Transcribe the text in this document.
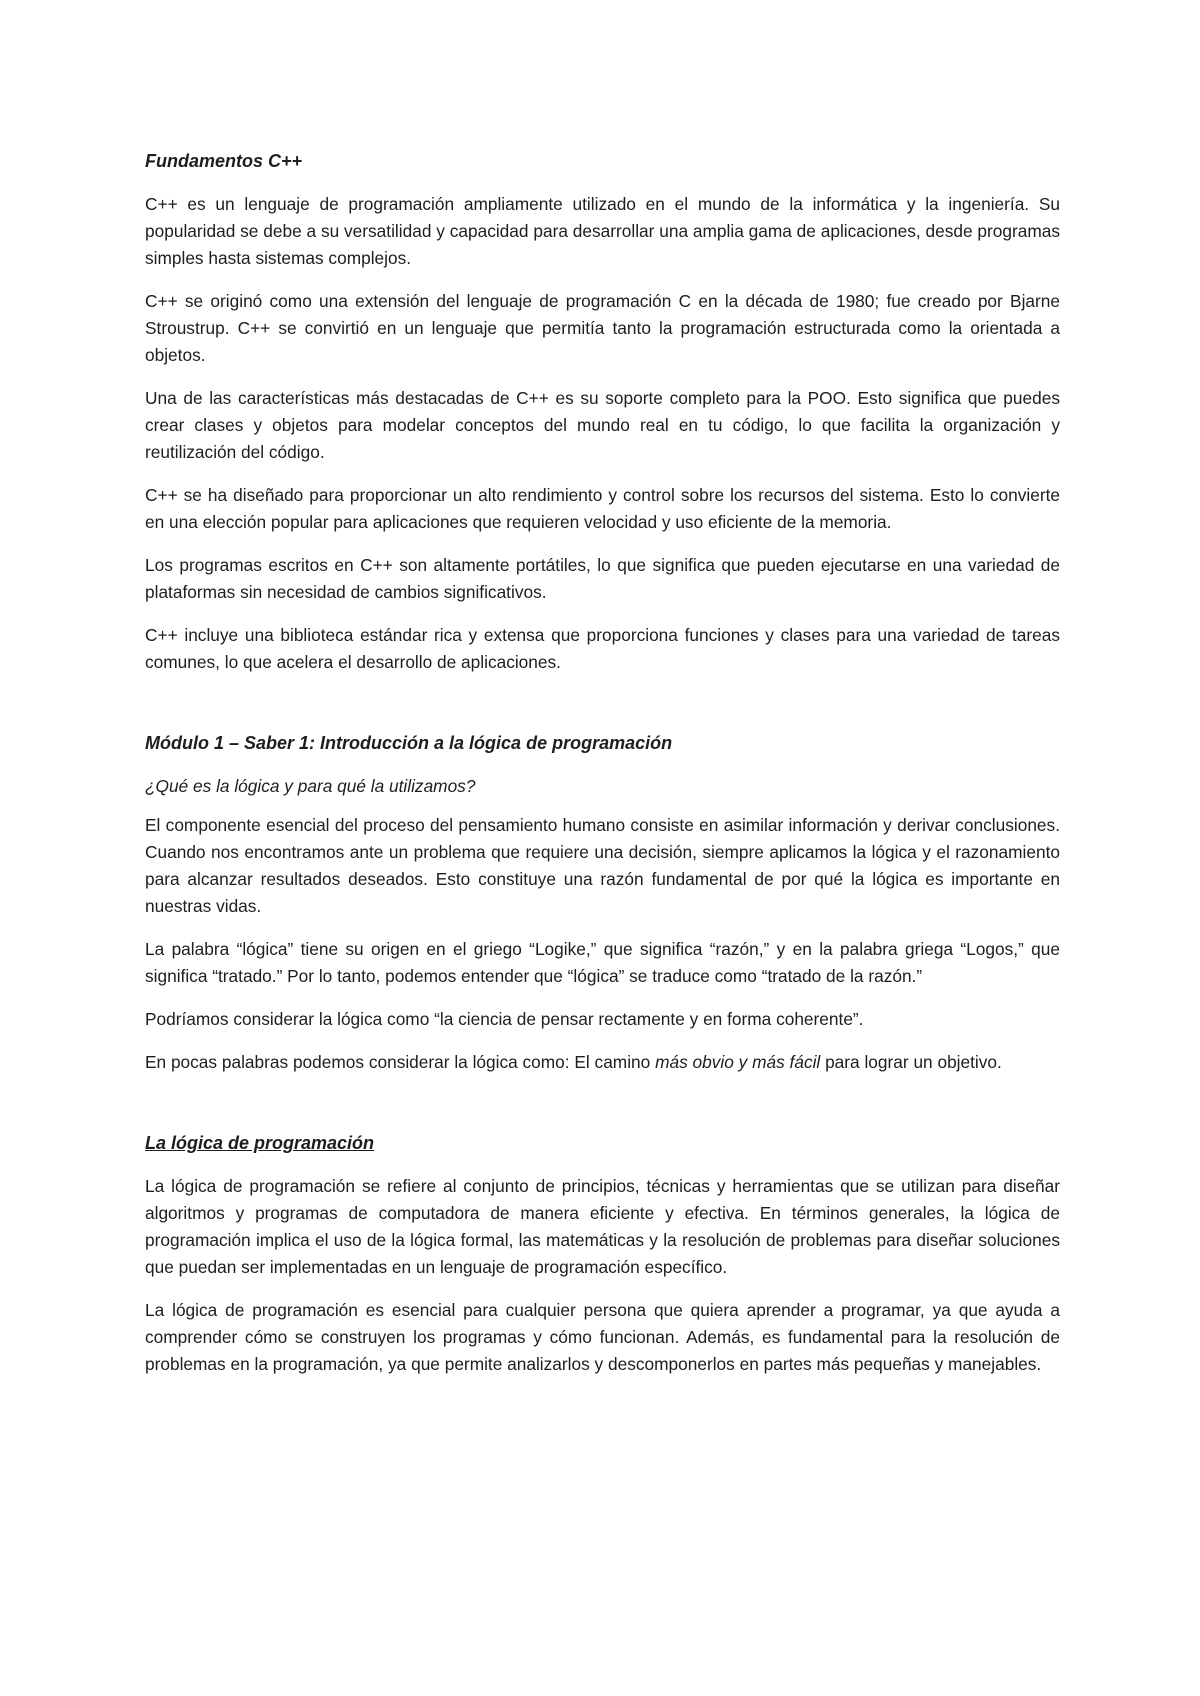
Fundamentos C++

C++ es un lenguaje de programación ampliamente utilizado en el mundo de la informática y la ingeniería. Su popularidad se debe a su versatilidad y capacidad para desarrollar una amplia gama de aplicaciones, desde programas simples hasta sistemas complejos.

C++ se originó como una extensión del lenguaje de programación C en la década de 1980; fue creado por Bjarne Stroustrup. C++ se convirtió en un lenguaje que permitía tanto la programación estructurada como la orientada a objetos.

Una de las características más destacadas de C++ es su soporte completo para la POO. Esto significa que puedes crear clases y objetos para modelar conceptos del mundo real en tu código, lo que facilita la organización y reutilización del código.

C++ se ha diseñado para proporcionar un alto rendimiento y control sobre los recursos del sistema. Esto lo convierte en una elección popular para aplicaciones que requieren velocidad y uso eficiente de la memoria.

Los programas escritos en C++ son altamente portátiles, lo que significa que pueden ejecutarse en una variedad de plataformas sin necesidad de cambios significativos.

C++ incluye una biblioteca estándar rica y extensa que proporciona funciones y clases para una variedad de tareas comunes, lo que acelera el desarrollo de aplicaciones.

Módulo 1 – Saber 1: Introducción a la lógica de programación
¿Qué es la lógica y para qué la utilizamos?

El componente esencial del proceso del pensamiento humano consiste en asimilar información y derivar conclusiones. Cuando nos encontramos ante un problema que requiere una decisión, siempre aplicamos la lógica y el razonamiento para alcanzar resultados deseados. Esto constituye una razón fundamental de por qué la lógica es importante en nuestras vidas.

La palabra “lógica” tiene su origen en el griego “Logike,” que significa “razón,” y en la palabra griega “Logos,” que significa “tratado.” Por lo tanto, podemos entender que “lógica” se traduce como “tratado de la razón.”

Podríamos considerar la lógica como “la ciencia de pensar rectamente y en forma coherente”.

En pocas palabras podemos considerar la lógica como: El camino más obvio y más fácil para lograr un objetivo.

La lógica de programación

La lógica de programación se refiere al conjunto de principios, técnicas y herramientas que se utilizan para diseñar algoritmos y programas de computadora de manera eficiente y efectiva. En términos generales, la lógica de programación implica el uso de la lógica formal, las matemáticas y la resolución de problemas para diseñar soluciones que puedan ser implementadas en un lenguaje de programación específico.

La lógica de programación es esencial para cualquier persona que quiera aprender a programar, ya que ayuda a comprender cómo se construyen los programas y cómo funcionan. Además, es fundamental para la resolución de problemas en la programación, ya que permite analizarlos y descomponerlos en partes más pequeñas y manejables.
